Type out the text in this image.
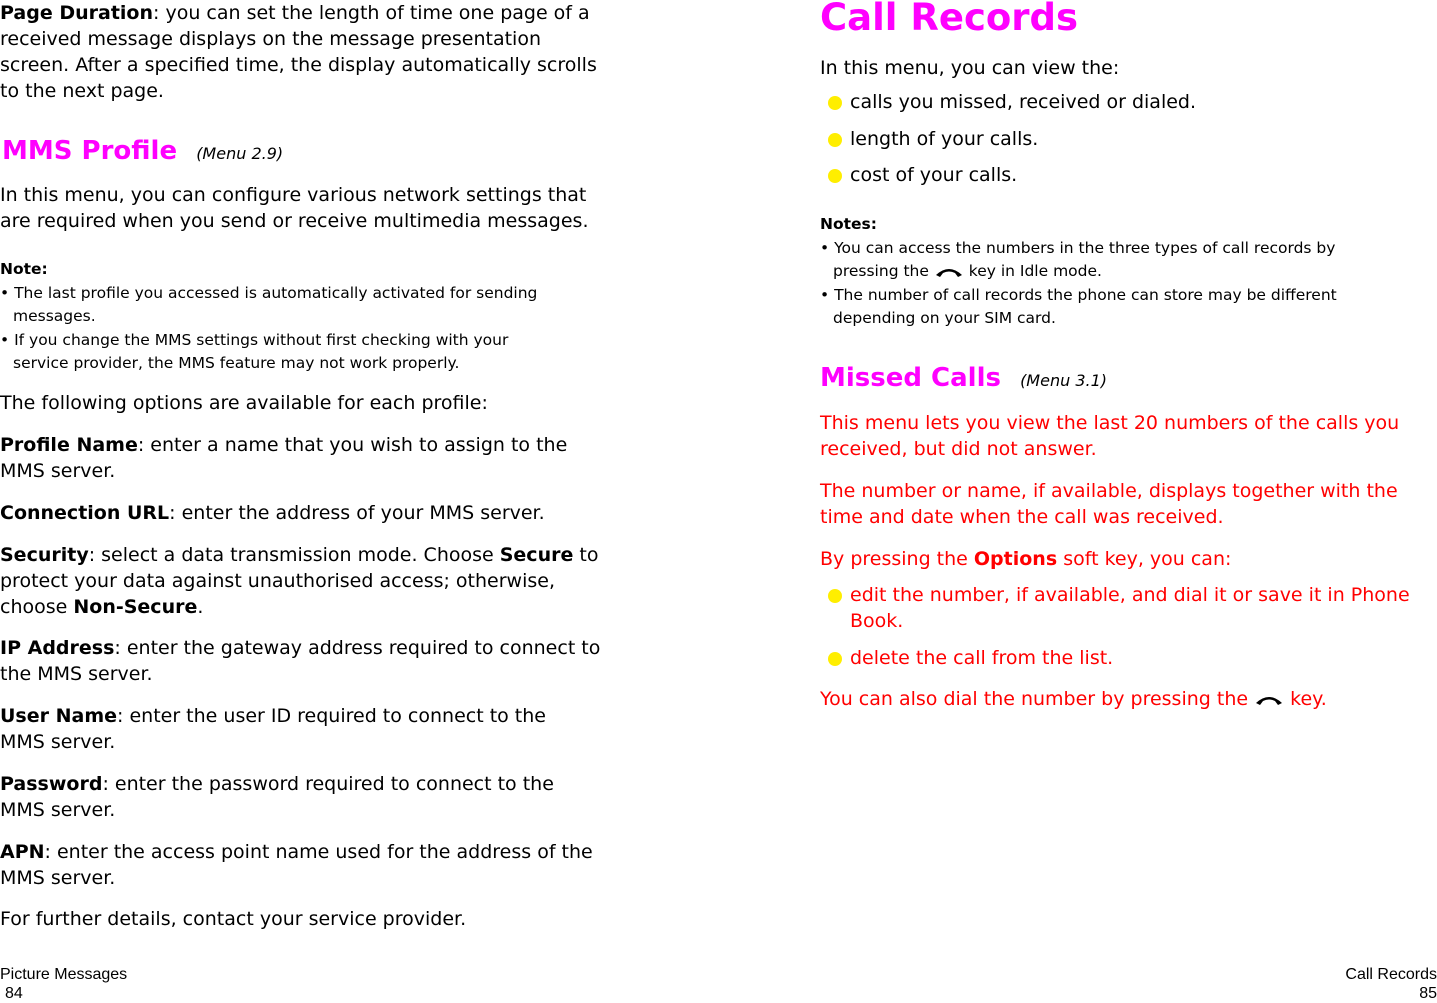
Page Duration: you can set the length of time one page of a received message displays on the message presentation screen. After a specified time, the display automatically scrolls to the next page.

MMS Profile (Menu 2.9)

In this menu, you can configure various network settings that are required when you send or receive multimedia messages.

Note:
• The last profile you accessed is automatically activated for sending
messages.
• If you change the MMS settings without first checking with your
service provider, the MMS feature may not work properly.

The following options are available for each profile:

Profile Name: enter a name that you wish to assign to the MMS server.

Connection URL: enter the address of your MMS server.

Security: select a data transmission mode. Choose Secure to protect your data against unauthorised access; otherwise, choose Non-Secure.

IP Address: enter the gateway address required to connect to the MMS server.

User Name: enter the user ID required to connect to the MMS server.

Password: enter the password required to connect to the MMS server.

APN: enter the access point name used for the address of the MMS server.

For further details, contact your service provider.

Picture Messages
84
Call Records

In this menu, you can view the:

calls you missed, received or dialed.
length of your calls.
cost of your calls.
Notes:
• You can access the numbers in the three types of call records by
pressing the	key in Idle mode.
• The number of call records the phone can store may be different
depending on your SIM card.
Missed Calls (Menu 3.1)

This menu lets you view the last 20 numbers of the calls you received, but did not answer.

The number or name, if available, displays together with the time and date when the call was received.

By pressing the Options soft key, you can:

edit the number, if available, and dial it or save it in Phone Book.
delete the call from the list.

You can also dial the number by pressing the key.

Call Records
85
